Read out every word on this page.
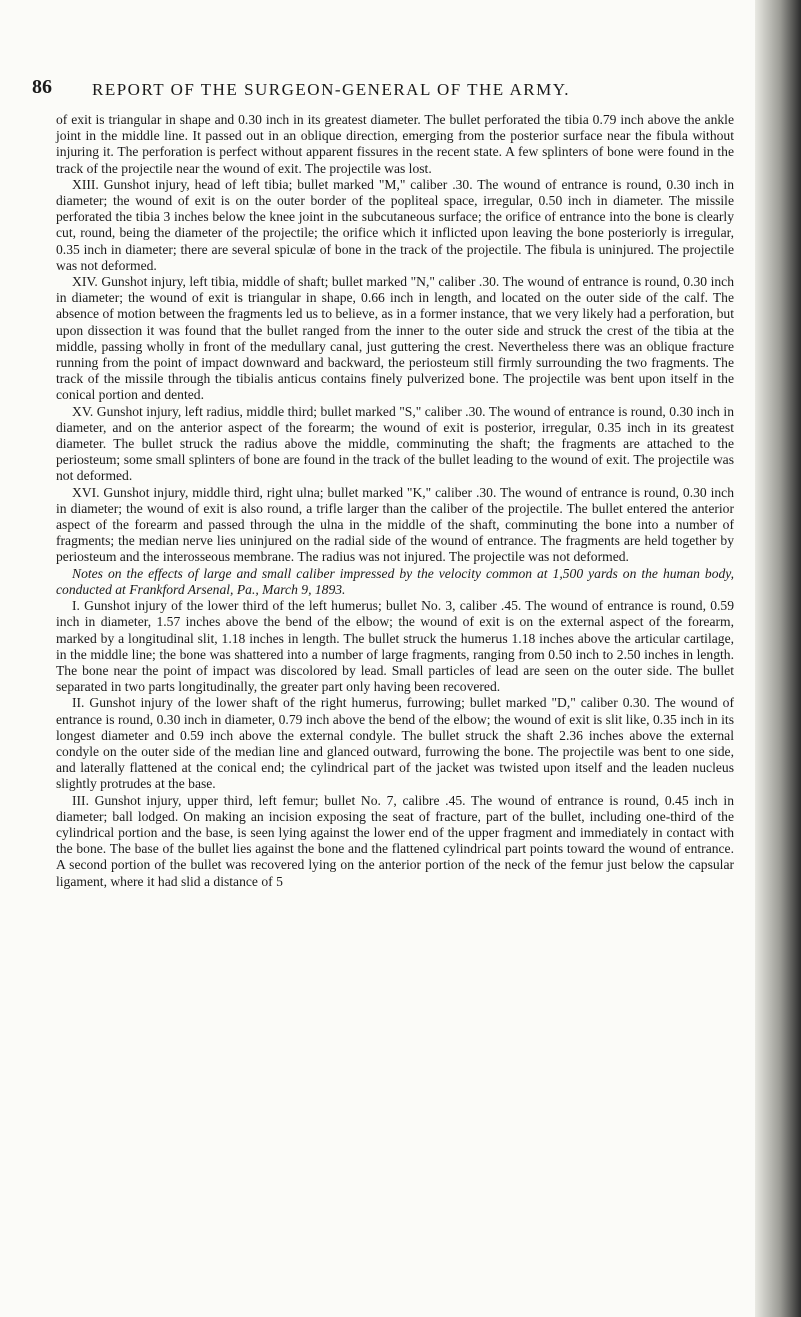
86 REPORT OF THE SURGEON-GENERAL OF THE ARMY.

of exit is triangular in shape and 0.30 inch in its greatest diameter. The bullet perforated the tibia 0.79 inch above the ankle joint in the middle line. It passed out in an oblique direction, emerging from the posterior surface near the fibula without injuring it. The perforation is perfect without apparent fissures in the recent state. A few splinters of bone were found in the track of the projectile near the wound of exit. The projectile was lost.

XIII. Gunshot injury, head of left tibia; bullet marked "M," caliber .30. The wound of entrance is round, 0.30 inch in diameter; the wound of exit is on the outer border of the popliteal space, irregular, 0.50 inch in diameter. The missile perforated the tibia 3 inches below the knee joint in the subcutaneous surface; the orifice of entrance into the bone is clearly cut, round, being the diameter of the projectile; the orifice which it inflicted upon leaving the bone posteriorly is irregular, 0.35 inch in diameter; there are several spiculæ of bone in the track of the projectile. The fibula is uninjured. The projectile was not deformed.

XIV. Gunshot injury, left tibia, middle of shaft; bullet marked "N," caliber .30. The wound of entrance is round, 0.30 inch in diameter; the wound of exit is triangular in shape, 0.66 inch in length, and located on the outer side of the calf. The absence of motion between the fragments led us to believe, as in a former instance, that we very likely had a perforation, but upon dissection it was found that the bullet ranged from the inner to the outer side and struck the crest of the tibia at the middle, passing wholly in front of the medullary canal, just guttering the crest. Nevertheless there was an oblique fracture running from the point of impact downward and backward, the periosteum still firmly surrounding the two fragments. The track of the missile through the tibialis anticus contains finely pulverized bone. The projectile was bent upon itself in the conical portion and dented.

XV. Gunshot injury, left radius, middle third; bullet marked "S," caliber .30. The wound of entrance is round, 0.30 inch in diameter, and on the anterior aspect of the forearm; the wound of exit is posterior, irregular, 0.35 inch in its greatest diameter. The bullet struck the radius above the middle, comminuting the shaft; the fragments are attached to the periosteum; some small splinters of bone are found in the track of the bullet leading to the wound of exit. The projectile was not deformed.

XVI. Gunshot injury, middle third, right ulna; bullet marked "K," caliber .30. The wound of entrance is round, 0.30 inch in diameter; the wound of exit is also round, a trifle larger than the caliber of the projectile. The bullet entered the anterior aspect of the forearm and passed through the ulna in the middle of the shaft, comminuting the bone into a number of fragments; the median nerve lies uninjured on the radial side of the wound of entrance. The fragments are held together by periosteum and the interosseous membrane. The radius was not injured. The projectile was not deformed.

Notes on the effects of large and small caliber impressed by the velocity common at 1,500 yards on the human body, conducted at Frankford Arsenal, Pa., March 9, 1893.

I. Gunshot injury of the lower third of the left humerus; bullet No. 3, caliber .45. The wound of entrance is round, 0.59 inch in diameter, 1.57 inches above the bend of the elbow; the wound of exit is on the external aspect of the forearm, marked by a longitudinal slit, 1.18 inches in length. The bullet struck the humerus 1.18 inches above the articular cartilage, in the middle line; the bone was shattered into a number of large fragments, ranging from 0.50 inch to 2.50 inches in length. The bone near the point of impact was discolored by lead. Small particles of lead are seen on the outer side. The bullet separated in two parts longitudinally, the greater part only having been recovered.

II. Gunshot injury of the lower shaft of the right humerus, furrowing; bullet marked "D," caliber 0.30. The wound of entrance is round, 0.30 inch in diameter, 0.79 inch above the bend of the elbow; the wound of exit is slit like, 0.35 inch in its longest diameter and 0.59 inch above the external condyle. The bullet struck the shaft 2.36 inches above the external condyle on the outer side of the median line and glanced outward, furrowing the bone. The projectile was bent to one side, and laterally flattened at the conical end; the cylindrical part of the jacket was twisted upon itself and the leaden nucleus slightly protrudes at the base.

III. Gunshot injury, upper third, left femur; bullet No. 7, calibre .45. The wound of entrance is round, 0.45 inch in diameter; ball lodged. On making an incision exposing the seat of fracture, part of the bullet, including one-third of the cylindrical portion and the base, is seen lying against the lower end of the upper fragment and immediately in contact with the bone. The base of the bullet lies against the bone and the flattened cylindrical part points toward the wound of entrance. A second portion of the bullet was recovered lying on the anterior portion of the neck of the femur just below the capsular ligament, where it had slid a distance of 5
